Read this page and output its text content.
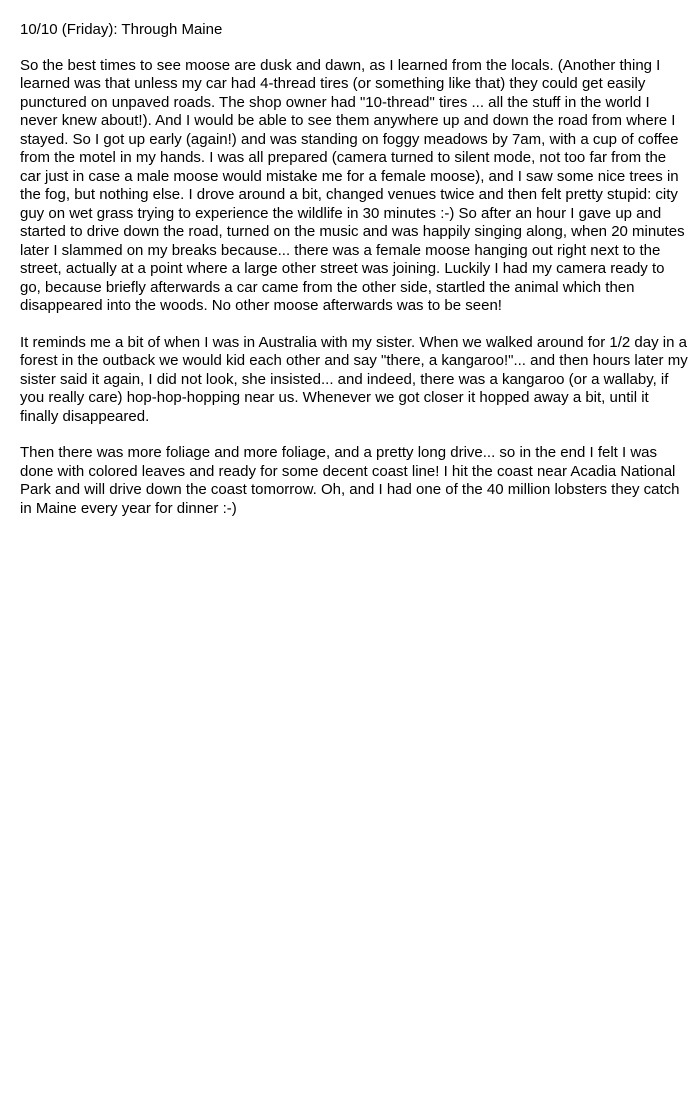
10/10 (Friday): Through Maine

So the best times to see moose are dusk and dawn, as I learned from the locals. (Another thing I learned was that unless my car had 4-thread tires (or something like that) they could get easily punctured on unpaved roads. The shop owner had "10-thread" tires ... all the stuff in the world I never knew about!). And I would be able to see them anywhere up and down the road from where I stayed. So I got up early (again!) and was standing on foggy meadows by 7am, with a cup of coffee from the motel in my hands. I was all prepared (camera turned to silent mode, not too far from the car just in case a male moose would mistake me for a female moose), and I saw some nice trees in the fog, but nothing else. I drove around a bit, changed venues twice and then felt pretty stupid: city guy on wet grass trying to experience the wildlife in 30 minutes :-) So after an hour I gave up and started to drive down the road, turned on the music and was happily singing along, when 20 minutes later I slammed on my breaks because... there was a female moose hanging out right next to the street, actually at a point where a large other street was joining. Luckily I had my camera ready to go, because briefly afterwards a car came from the other side, startled the animal which then disappeared into the woods. No other moose afterwards was to be seen!

It reminds me a bit of when I was in Australia with my sister. When we walked around for 1/2 day in a forest in the outback we would kid each other and say "there, a kangaroo!"... and then hours later my sister said it again, I did not look, she insisted... and indeed, there was a kangaroo (or a wallaby, if you really care) hop-hop-hopping near us. Whenever we got closer it hopped away a bit, until it finally disappeared.

Then there was more foliage and more foliage, and a pretty long drive... so in the end I felt I was done with colored leaves and ready for some decent coast line! I hit the coast near Acadia National Park and will drive down the coast tomorrow. Oh, and I had one of the 40 million lobsters they catch in Maine every year for dinner :-)
